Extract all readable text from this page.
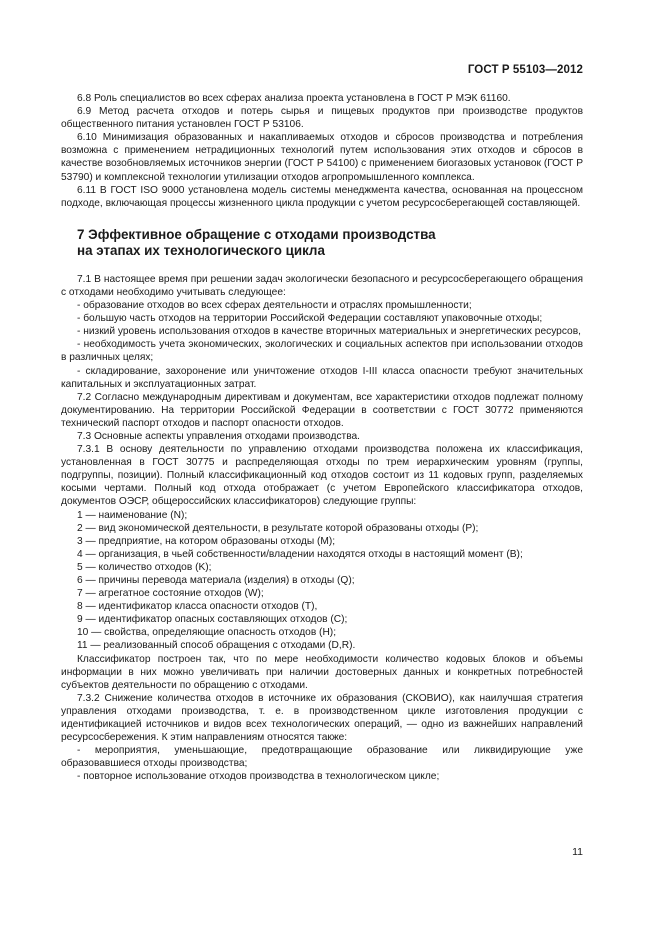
ГОСТ Р 55103—2012

6.8 Роль специалистов во всех сферах анализа проекта установлена в ГОСТ Р МЭК 61160.

6.9 Метод расчета отходов и потерь сырья и пищевых продуктов при производстве продуктов общественного питания установлен ГОСТ Р 53106.

6.10 Минимизация образованных и накапливаемых отходов и сбросов производства и потребления возможна с применением нетрадиционных технологий путем использования этих отходов и сбросов в качестве возобновляемых источников энергии (ГОСТ Р 54100) с применением биогазовых установок (ГОСТ Р 53790) и комплексной технологии утилизации отходов агропромышленного комплекса.

6.11 В ГОСТ ISO 9000 установлена модель системы менеджмента качества, основанная на процессном подходе, включающая процессы жизненного цикла продукции с учетом ресурсосберегающей составляющей.

7 Эффективное обращение с отходами производства
на этапах их технологического цикла

7.1 В настоящее время при решении задач экологически безопасного и ресурсосберегающего обращения с отходами необходимо учитывать следующее:

- образование отходов во всех сферах деятельности и отраслях промышленности;

- большую часть отходов на территории Российской Федерации составляют упаковочные отходы;

- низкий уровень использования отходов в качестве вторичных материальных и энергетических ресурсов,

- необходимость учета экономических, экологических и социальных аспектов при использовании отходов в различных целях;

- складирование, захоронение или уничтожение отходов I-III класса опасности требуют значительных капитальных и эксплуатационных затрат.

7.2 Согласно международным директивам и документам, все характеристики отходов подлежат полному документированию. На территории Российской Федерации в соответствии с ГОСТ 30772 применяются технический паспорт отходов и паспорт опасности отходов.

7.3 Основные аспекты управления отходами производства.

7.3.1 В основу деятельности по управлению отходами производства положена их классификация, установленная в ГОСТ 30775 и распределяющая отходы по трем иерархическим уровням (группы, подгруппы, позиции). Полный классификационный код отходов состоит из 11 кодовых групп, разделяемых косыми чертами. Полный код отхода отображает (с учетом Европейского классификатора отходов, документов ОЭСР, общероссийских классификаторов) следующие группы:

1 — наименование (N);

2 — вид экономической деятельности, в результате которой образованы отходы (P);

3 — предприятие, на котором образованы отходы (M);

4 — организация, в чьей собственности/владении находятся отходы в настоящий момент (B);

5 — количество отходов (K);

6 — причины перевода материала (изделия) в отходы (Q);

7 — агрегатное состояние отходов (W);

8 — идентификатор класса опасности отходов (T),

9 — идентификатор опасных составляющих отходов (C);

10 — свойства, определяющие опасность отходов (H);

11 — реализованный способ обращения с отходами (D,R).

Классификатор построен так, что по мере необходимости количество кодовых блоков и объемы информации в них можно увеличивать при наличии достоверных данных и конкретных потребностей субъектов деятельности по обращению с отходами.

7.3.2 Снижение количества отходов в источнике их образования (СКОВИО), как наилучшая стратегия управления отходами производства, т. е. в производственном цикле изготовления продукции с идентификацией источников и видов всех технологических операций, — одно из важнейших направлений ресурсосбережения. К этим направлениям относятся также:

- мероприятия, уменьшающие, предотвращающие образование или ликвидирующие уже образовавшиеся отходы производства;

- повторное использование отходов производства в технологическом цикле;

11
